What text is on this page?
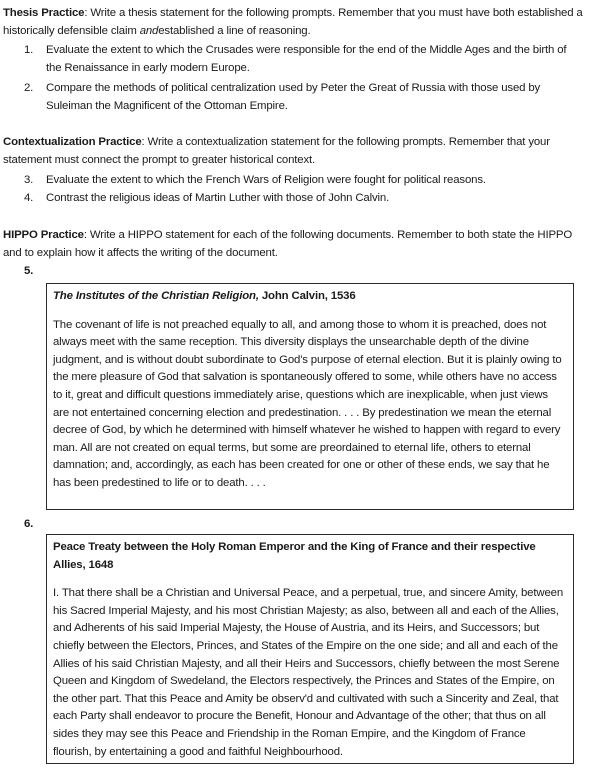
Thesis Practice: Write a thesis statement for the following prompts. Remember that you must have both established a historically defensible claim andestablished a line of reasoning.

1.	Evaluate the extent to which the Crusades were responsible for the end of the Middle Ages and the birth of the Renaissance in early modern Europe.
2.	Compare the methods of political centralization used by Peter the Great of Russia with those used by Suleiman the Magnificent of the Ottoman Empire.

Contextualization Practice: Write a contextualization statement for the following prompts. Remember that your statement must connect the prompt to greater historical context.

3.	Evaluate the extent to which the French Wars of Religion were fought for political reasons.
4.	Contrast the religious ideas of Martin Luther with those of John Calvin.

HIPPO Practice: Write a HIPPO statement for each of the following documents. Remember to both state the HIPPO and to explain how it affects the writing of the document.

5.

The Institutes of the Christian Religion, John Calvin, 1536

The covenant of life is not preached equally to all, and among those to whom it is preached, does not always meet with the same reception. This diversity displays the unsearchable depth of the divine judgment, and is without doubt subordinate to God's purpose of eternal election. But it is plainly owing to the mere pleasure of God that salvation is spontaneously offered to some, while others have no access to it, great and difficult questions immediately arise, questions which are inexplicable, when just views are not entertained concerning election and predestination. . . . By predestination we mean the eternal decree of God, by which he determined with himself whatever he wished to happen with regard to every man. All are not created on equal terms, but some are preordained to eternal life, others to eternal damnation; and, accordingly, as each has been created for one or other of these ends, we say that he has been predestined to life or to death. . . .

6.

Peace Treaty between the Holy Roman Emperor and the King of France and their respective Allies, 1648

I. That there shall be a Christian and Universal Peace, and a perpetual, true, and sincere Amity, between his Sacred Imperial Majesty, and his most Christian Majesty; as also, between all and each of the Allies, and Adherents of his said Imperial Majesty, the House of Austria, and its Heirs, and Successors; but chiefly between the Electors, Princes, and States of the Empire on the one side; and all and each of the Allies of his said Christian Majesty, and all their Heirs and Successors, chiefly between the most Serene Queen and Kingdom of Swedeland, the Electors respectively, the Princes and States of the Empire, on the other part. That this Peace and Amity be observ'd and cultivated with such a Sincerity and Zeal, that each Party shall endeavor to procure the Benefit, Honour and Advantage of the other; that thus on all sides they may see this Peace and Friendship in the Roman Empire, and the Kingdom of France flourish, by entertaining a good and faithful Neighbourhood.
